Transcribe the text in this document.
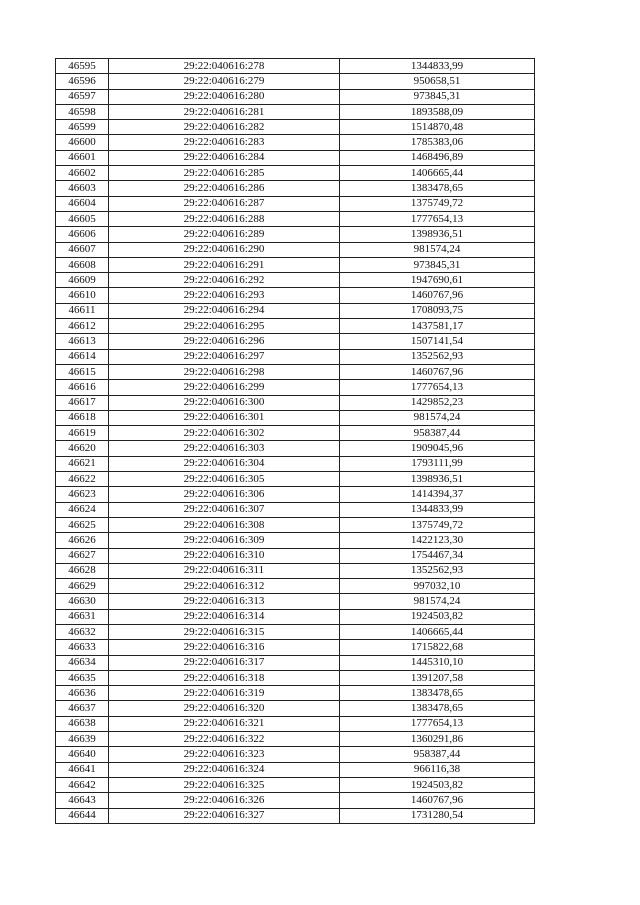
46595	29:22:040616:278	1344833,99
46596	29:22:040616:279	950658,51
46597	29:22:040616:280	973845,31
46598	29:22:040616:281	1893588,09
46599	29:22:040616:282	1514870,48
46600	29:22:040616:283	1785383,06
46601	29:22:040616:284	1468496,89
46602	29:22:040616:285	1406665,44
46603	29:22:040616:286	1383478,65
46604	29:22:040616:287	1375749,72
46605	29:22:040616:288	1777654,13
46606	29:22:040616:289	1398936,51
46607	29:22:040616:290	981574,24
46608	29:22:040616:291	973845,31
46609	29:22:040616:292	1947690,61
46610	29:22:040616:293	1460767,96
46611	29:22:040616:294	1708093,75
46612	29:22:040616:295	1437581,17
46613	29:22:040616:296	1507141,54
46614	29:22:040616:297	1352562,93
46615	29:22:040616:298	1460767,96
46616	29:22:040616:299	1777654,13
46617	29:22:040616:300	1429852,23
46618	29:22:040616:301	981574,24
46619	29:22:040616:302	958387,44
46620	29:22:040616:303	1909045,96
46621	29:22:040616:304	1793111,99
46622	29:22:040616:305	1398936,51
46623	29:22:040616:306	1414394,37
46624	29:22:040616:307	1344833,99
46625	29:22:040616:308	1375749,72
46626	29:22:040616:309	1422123,30
46627	29:22:040616:310	1754467,34
46628	29:22:040616:311	1352562,93
46629	29:22:040616:312	997032,10
46630	29:22:040616:313	981574,24
46631	29:22:040616:314	1924503,82
46632	29:22:040616:315	1406665,44
46633	29:22:040616:316	1715822,68
46634	29:22:040616:317	1445310,10
46635	29:22:040616:318	1391207,58
46636	29:22:040616:319	1383478,65
46637	29:22:040616:320	1383478,65
46638	29:22:040616:321	1777654,13
46639	29:22:040616:322	1360291,86
46640	29:22:040616:323	958387,44
46641	29:22:040616:324	966116,38
46642	29:22:040616:325	1924503,82
46643	29:22:040616:326	1460767,96
46644	29:22:040616:327	1731280,54
